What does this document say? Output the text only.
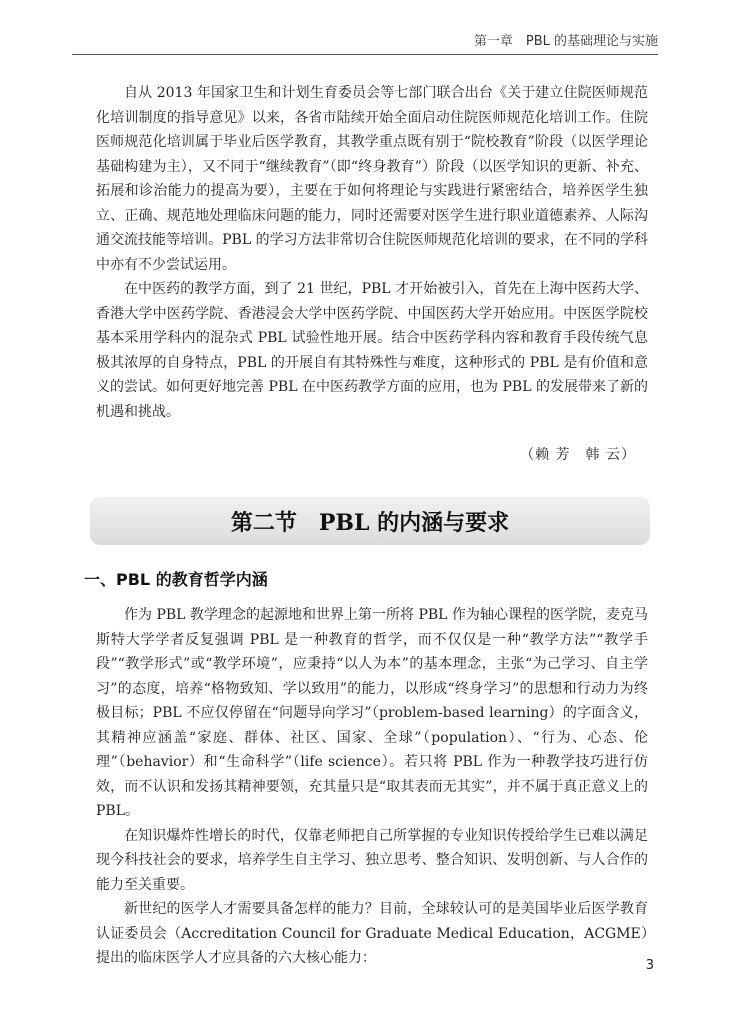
第一章　PBL 的基础理论与实施

自从 2013 年国家卫生和计划生育委员会等七部门联合出台《关于建立住院医师规范化培训制度的指导意见》以来，各省市陆续开始全面启动住院医师规范化培训工作。住院医师规范化培训属于毕业后医学教育，其教学重点既有别于“院校教育”阶段（以医学理论基础构建为主），又不同于“继续教育”（即“终身教育”）阶段（以医学知识的更新、补充、拓展和诊治能力的提高为要），主要在于如何将理论与实践进行紧密结合，培养医学生独立、正确、规范地处理临床问题的能力，同时还需要对医学生进行职业道德素养、人际沟通交流技能等培训。PBL 的学习方法非常切合住院医师规范化培训的要求，在不同的学科中亦有不少尝试运用。

在中医药的教学方面，到了 21 世纪，PBL 才开始被引入，首先在上海中医药大学、香港大学中医药学院、香港浸会大学中医药学院、中国医药大学开始应用。中医医学院校基本采用学科内的混杂式 PBL 试验性地开展。结合中医药学科内容和教育手段传统气息极其浓厚的自身特点，PBL 的开展自有其特殊性与难度，这种形式的 PBL 是有价值和意义的尝试。如何更好地完善 PBL 在中医药教学方面的应用，也为 PBL 的发展带来了新的机遇和挑战。

（赖 芳　韩 云）

第二节　PBL 的内涵与要求
一、PBL 的教育哲学内涵

作为 PBL 教学理念的起源地和世界上第一所将 PBL 作为轴心课程的医学院，麦克马斯特大学学者反复强调 PBL 是一种教育的哲学，而不仅仅是一种“教学方法”“教学手段”“教学形式”或“教学环境”，应秉持“以人为本”的基本理念，主张“为己学习、自主学习”的态度，培养“格物致知、学以致用”的能力，以形成“终身学习”的思想和行动力为终极目标；PBL 不应仅停留在“问题导向学习”（problem-based learning）的字面含义，其精神应涵盖“家庭、群体、社区、国家、全球”（population）、“行为、心态、伦理”（behavior）和“生命科学”（life science）。若只将 PBL 作为一种教学技巧进行仿效，而不认识和发扬其精神要领，充其量只是“取其表而无其实”，并不属于真正意义上的 PBL。

在知识爆炸性增长的时代，仅靠老师把自己所掌握的专业知识传授给学生已难以满足现今科技社会的要求，培养学生自主学习、独立思考、整合知识、发明创新、与人合作的能力至关重要。

新世纪的医学人才需要具备怎样的能力？目前，全球较认可的是美国毕业后医学教育认证委员会（Accreditation Council for Graduate Medical Education，ACGME）提出的临床医学人才应具备的六大核心能力：	3
